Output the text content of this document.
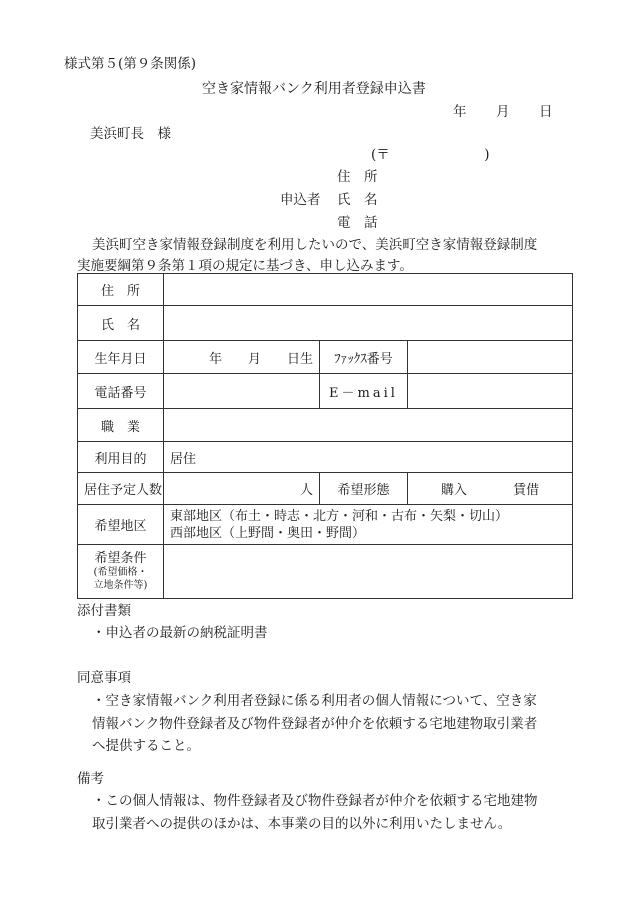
様式第５(第９条関係)
空き家情報バンク利用者登録申込書
年 月 日
美浜町長　様
(〒　　　　　　　)
住　所
申込者 氏　名
電　話
美浜町空き家情報登録制度を利用したいので、美浜町空き家情報登録制度
実施要綱第９条第１項の規定に基づき、申し込みます。
住　所			
氏　名			
生年月日	年　　月　　日生	ﾌｧｯｸｽ番号	
電話番号		E－mail	
職　業			
利用目的	居住		
居住予定人数	人	希望形態	購入 賃借
希望地区	東部地区（布土・時志・北方・河和・古布・矢梨・切山）
西部地区（上野間・奥田・野間）		

希望条件
(希望価格・
立地条件等)			

添付書類
・申込者の最新の納税証明書
同意事項
・空き家情報バンク利用者登録に係る利用者の個人情報について、空き家
情報バンク物件登録者及び物件登録者が仲介を依頼する宅地建物取引業者
へ提供すること。
備考
・この個人情報は、物件登録者及び物件登録者が仲介を依頼する宅地建物
取引業者への提供のほかは、本事業の目的以外に利用いたしません。
